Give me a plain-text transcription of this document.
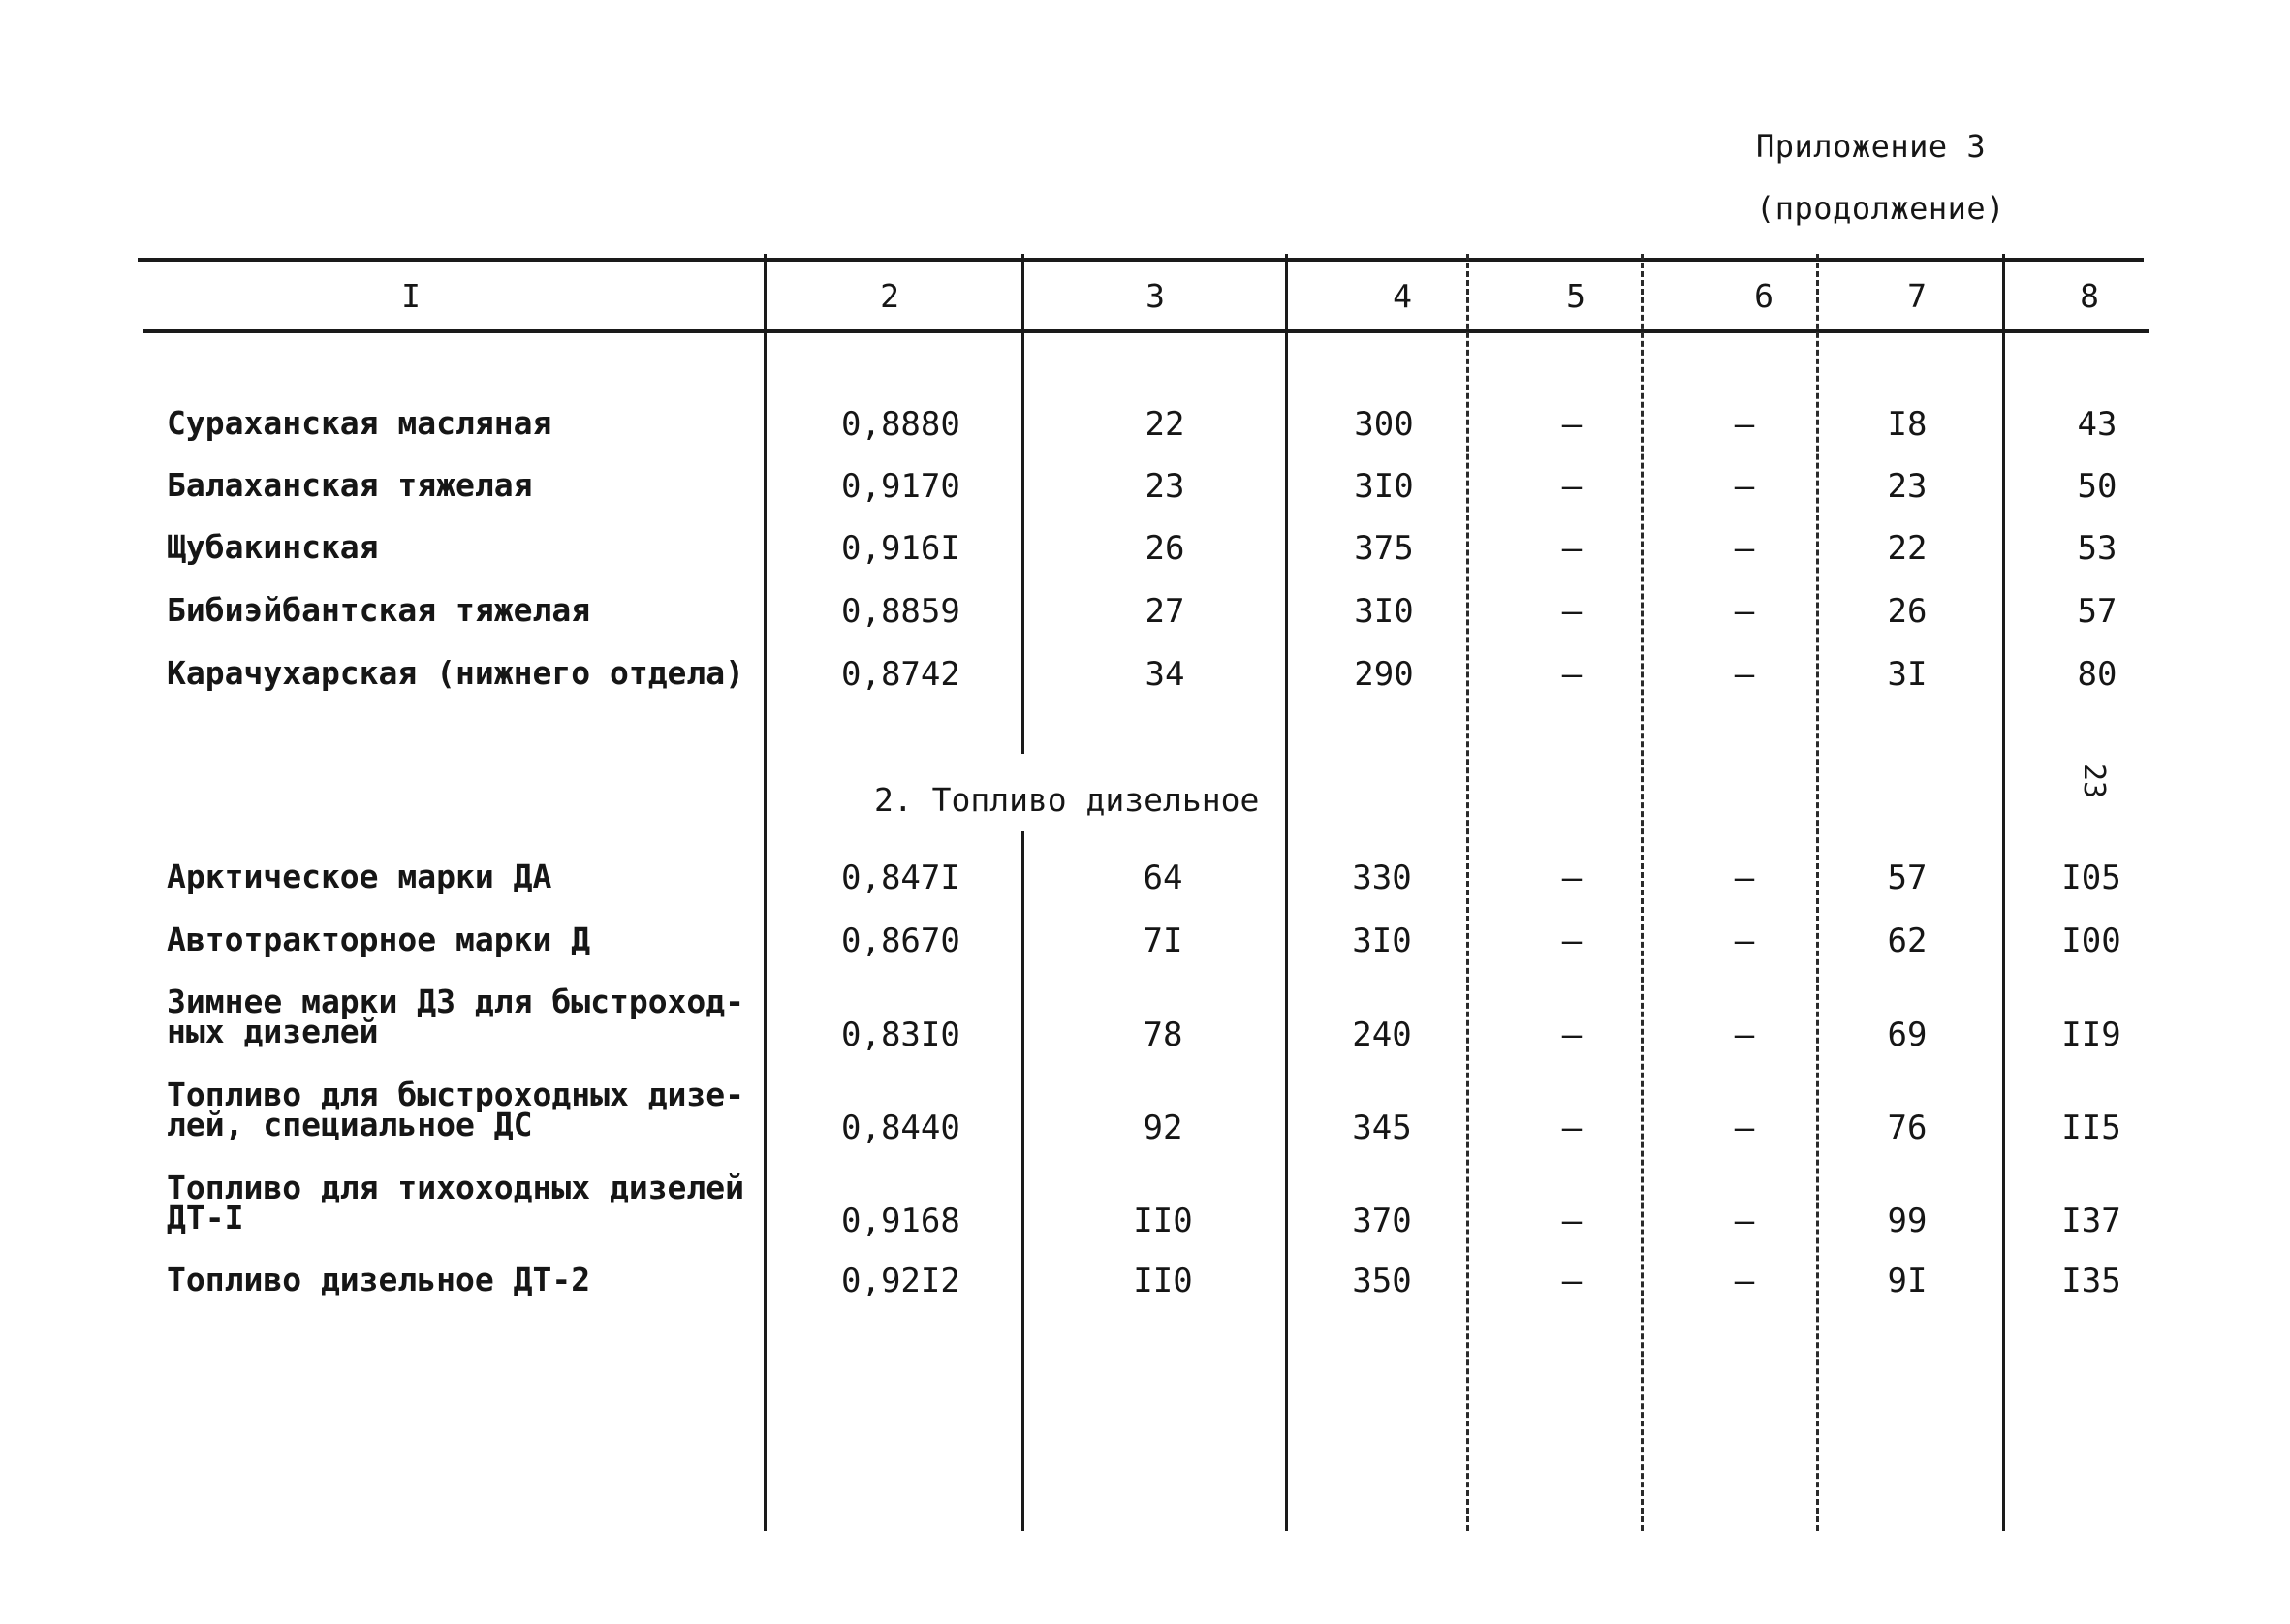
Приложение 3
(продолжение)
I	2	3	4	5	6	7	8
Сураханская масляная	0,8880	22	300	–	–	I8	43
Балаханская тяжелая	0,9170	23	3I0	–	–	23	50
Щубакинская	0,916I	26	375	–	–	22	53
Бибиэйбантская тяжелая	0,8859	27	3I0	–	–	26	57
Карачухарская (нижнего отдела)	0,8742	34	290	–	–	3I	80
2. Топливо дизельное	23
Арктическое марки ДА	0,847I	64	330	–	–	57	I05
Автотракторное марки Д	0,8670	7I	3I0	–	–	62	I00
Зимнее марки ДЗ для быстроход-
ных дизелей	0,83I0	78	240	–	–	69	II9
Топливо для быстроходных дизе-
лей, специальное ДС	0,8440	92	345	–	–	76	II5
Топливо для тихоходных дизелей
ДТ-I	0,9168	II0	370	–	–	99	I37
Топливо дизельное ДТ-2	0,92I2	II0	350	–	–	9I	I35
